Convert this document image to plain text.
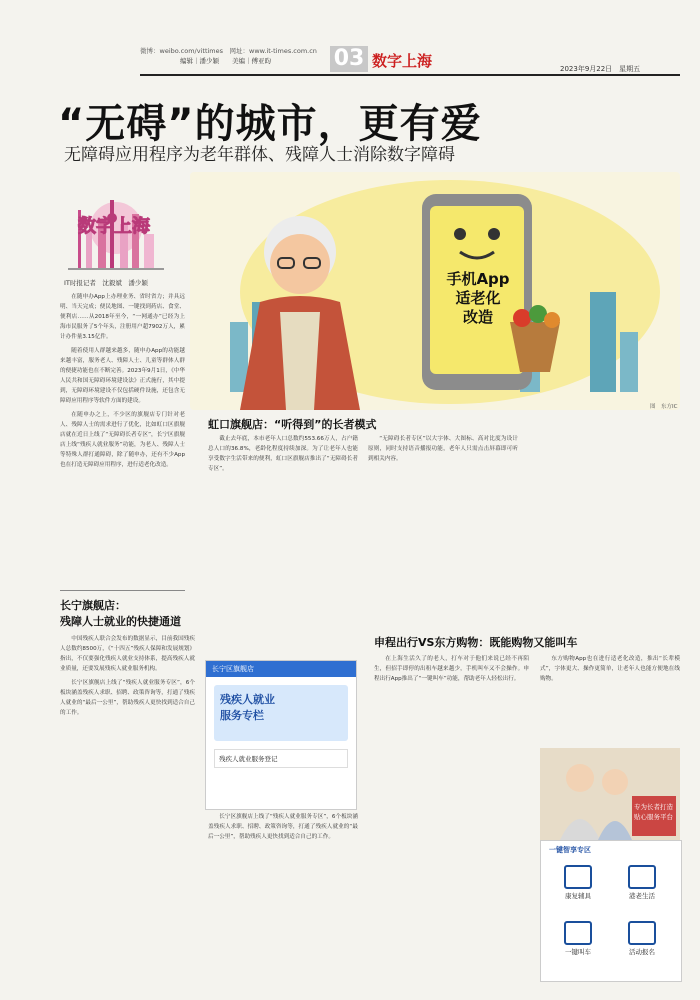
微博：weibo.com/vittimes　网址：www.it-times.com.cn
编辑｜潘少颖　　美编｜傅亚昀	03 数字上海	2023年9月22日　星期五
“无碍”的城市，更有爱
无障碍应用程序为老年群体、残障人士消除数字障碍
数字上海
IT时报记者　沈毅斌　潘少颖

在随申办App上办理业务、省时省力；并具远明、当天完成；便民地图、一键找到药店、食堂、便利店……从2018年至今，“一网通办”已经为上海市民服务了5个年头，注册用户超7902万人，累计办件量3.15亿件。

随着使用人群越来越多，随申办App的功能越来越丰富，服务老人、残障人士、儿童等群体人群的便捷功能也在不断完善。2023年9月1日，《中华人民共和国无障碍环境建设法》正式施行，其中提到，无障碍环境建设不仅包括硬件设施，还包含无障碍应用程序等软件方面的建设。

在随申办之上，不少区的旗舰店专门针对老人、残障人士的需求进行了优化，比如虹口区旗舰店就在近日上线了“无障碍长者专区”，长宁区旗舰店上线“残疾人就业服务”功能，为老人、残障人士等特殊人群打通障碍，除了随申办，还有不少App也在打造无障碍应用程序，进行适老化改造。

手机App
适老化
改造
图　东方IC
虹口旗舰店：“听得到”的长者模式

截止去年底，本市老年人口总数约553.66万人，占户籍总人口的36.8%，老龄化程度持续加深。为了让老年人也能享受数字生活带来的便利，虹口区旗舰店推出了“无障碍长者专区”。

“无障碍长者专区”以大字体、大图标、高对比度为设计原则，同时支持语音播报功能，老年人只需点击屏幕即可听到相关内容。

长宁旗舰店：
残障人士就业的快捷通道

中国残疾人联合会发布的数据显示，目前我国残疾人总数约8500万，《“十四五”残疾人保障和发展规划》指出，不仅要强化残疾人就业支持体系，提高残疾人就业质量，还要发展残疾人就业服务机构。

长宁区旗舰店上线了“残疾人就业服务专区”，6个板块涵盖残疾人求职、招聘、政策咨询等，打通了残疾人就业的“最后一公里”，帮助残疾人更快找到适合自己的工作。

长宁区旗舰店
残疾人就业
服务专栏
残疾人就业服务登记

长宁区旗舰店上线了“残疾人就业服务专区”，6个板块涵盖残疾人求职、招聘、政策咨询等，打通了残疾人就业的“最后一公里”，帮助残疾人更快找到适合自己的工作。

申程出行VS东方购物：既能购物又能叫车

在上海生活久了的老人，打车对于他们来说已经不再陌生，但招手即停的出租车越来越少，手机叫车又不会操作。申程出行App推出了“一键叫车”功能，帮助老年人轻松出行。

东方购物App也在进行适老化改造，推出“长辈模式”，字体更大、操作更简单，让老年人也能方便地在线购物。

专为长者打造
贴心服务平台
一键智享专区
康复辅具	港老生活
一键叫车	活动报名
